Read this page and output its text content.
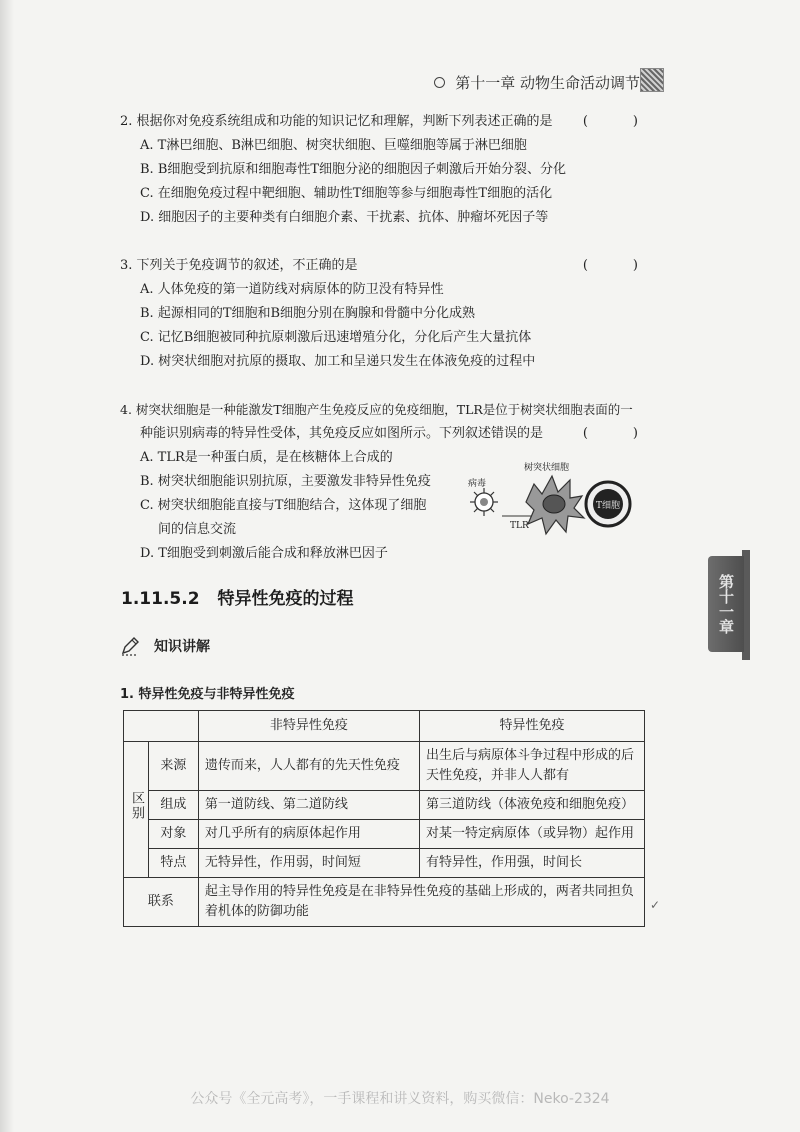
第十一章 动物生命活动调节
2. 根据你对免疫系统组成和功能的知识记忆和理解，判断下列表述正确的是 (　)
A. T淋巴细胞、B淋巴细胞、树突状细胞、巨噬细胞等属于淋巴细胞
B. B细胞受到抗原和细胞毒性T细胞分泌的细胞因子刺激后开始分裂、分化
C. 在细胞免疫过程中靶细胞、辅助性T细胞等参与细胞毒性T细胞的活化
D. 细胞因子的主要种类有白细胞介素、干扰素、抗体、肿瘤坏死因子等
3. 下列关于免疫调节的叙述，不正确的是	(　)
A. 人体免疫的第一道防线对病原体的防卫没有特异性
B. 起源相同的T细胞和B细胞分别在胸腺和骨髓中分化成熟
C. 记忆B细胞被同种抗原刺激后迅速增殖分化，分化后产生大量抗体
D. 树突状细胞对抗原的摄取、加工和呈递只发生在体液免疫的过程中
4. 树突状细胞是一种能激发T细胞产生免疫反应的免疫细胞，TLR是位于树突状细胞表面的一
种能识别病毒的特异性受体，其免疫反应如图所示。下列叙述错误的是	(　)
A. TLR是一种蛋白质，是在核糖体上合成的
B. 树突状细胞能识别抗原，主要激发非特异性免疫
C. 树突状细胞能直接与T细胞结合，这体现了细胞
间的信息交流
D. T细胞受到刺激后能合成和释放淋巴因子
病毒
树突状细胞
TLR
T细胞
1.11.5.2 特异性免疫的过程
知识讲解
1. 特异性免疫与非特异性免疫
		非特异性免疫	特异性免疫
区别	来源	遗传而来，人人都有的先天性免疫	出生后与病原体斗争过程中形成的后天性免疫，并非人人都有
	组成	第一道防线、第二道防线	第三道防线（体液免疫和细胞免疫）
	对象	对几乎所有的病原体起作用	对某一特定病原体（或异物）起作用
	特点	无特异性，作用弱，时间短	有特异性，作用强，时间长
联系		起主导作用的特异性免疫是在非特异性免疫的基础上形成的，两者共同担负着机体的防御功能		✓
第十一章
公众号《全元高考》，一手课程和讲义资料，购买微信：Neko-2324
